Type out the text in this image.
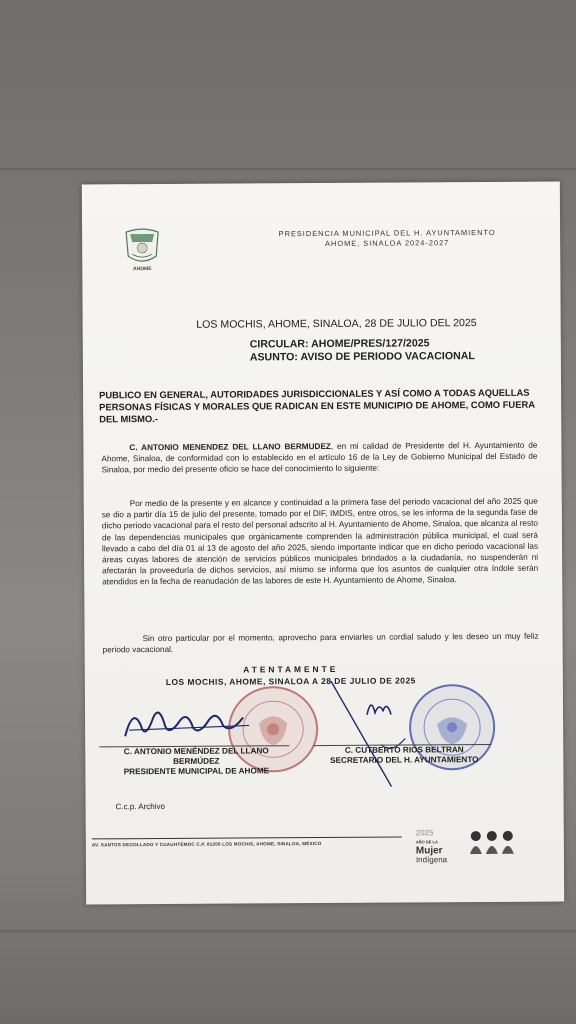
AHOME
PRESIDENCIA MUNICIPAL DEL H. AYUNTAMIENTO
AHOME, SINALOA 2024-2027
LOS MOCHIS, AHOME, SINALOA, 28 DE JULIO DEL 2025
CIRCULAR: AHOME/PRES/127/2025
ASUNTO: AVISO DE PERIODO VACACIONAL
PUBLICO EN GENERAL, AUTORIDADES JURISDICCIONALES Y ASÍ COMO A TODAS AQUELLAS PERSONAS FÍSICAS Y MORALES QUE RADICAN EN ESTE MUNICIPIO DE AHOME, COMO FUERA DEL MISMO.-
C. ANTONIO MENENDEZ DEL LLANO BERMUDEZ, en mi calidad de Presidente del H. Ayuntamiento de Ahome, Sinaloa, de conformidad con lo establecido en el artículo 16 de la Ley de Gobierno Municipal del Estado de Sinaloa, por medio del presente oficio se hace del conocimiento lo siguiente:
Por medio de la presente y en alcance y continuidad a la primera fase del periodo vacacional del año 2025 que se dio a partir día 15 de julio del presente, tomado por el DIF, IMDIS, entre otros, se les informa de la segunda fase de dicho periodo vacacional para el resto del personal adscrito al H. Ayuntamiento de Ahome, Sinaloa, que alcanza al resto de las dependencias municipales que orgánicamente comprenden la administración pública municipal, el cual será llevado a cabo del día 01 al 13 de agosto del año 2025, siendo importante indicar que en dicho periodo vacacional las áreas cuyas labores de atención de servicios públicos municipales brindados a la ciudadanía, no suspenderán ni afectarán la proveeduría de dichos servicios, así mismo se informa que los asuntos de cualquier otra índole serán atendidos en la fecha de reanudación de las labores de este H. Ayuntamiento de Ahome, Sinaloa.
Sin otro particular por el momento, aprovecho para enviarles un cordial saludo y les deseo un muy feliz periodo vacacional.
ATENTAMENTE
LOS MOCHIS, AHOME, SINALOA A 28 DE JULIO DE 2025
C. ANTONIO MENÉNDEZ DEL LLANO
BERMÚDEZ
PRESIDENTE MUNICIPAL DE AHOME
C. CUTBERTO RIOS BELTRAN
SECRETARIO DEL H. AYUNTAMIENTO
C.c.p. Archivo
AV. SANTOS DEGOLLADO Y CUAUHTÉMOC C.P. 81200 LOS MOCHIS, AHOME, SINALOA, MÉXICO
2025
AÑO DE LA
Mujer
Indígena
